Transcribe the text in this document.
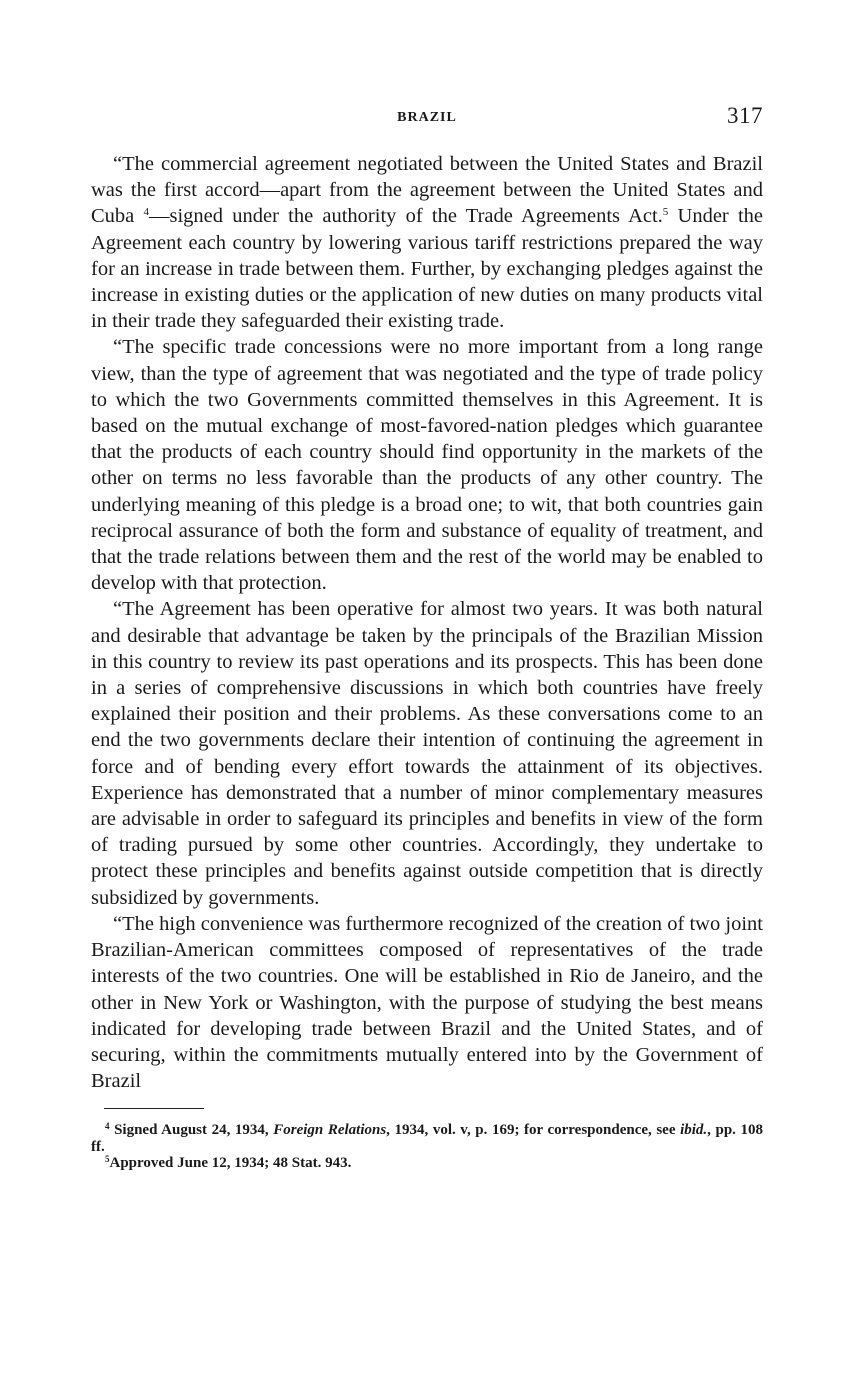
BRAZIL	317

“The commercial agreement negotiated between the United States and Brazil was the first accord—apart from the agreement between the United States and Cuba $^4$—signed under the authority of the Trade Agreements Act.$^5$ Under the Agreement each country by lowering various tariff restrictions prepared the way for an increase in trade between them. Further, by exchanging pledges against the increase in existing duties or the application of new duties on many products vital in their trade they safeguarded their existing trade.

“The specific trade concessions were no more important from a long range view, than the type of agreement that was negotiated and the type of trade policy to which the two Governments committed themselves in this Agreement. It is based on the mutual exchange of most-favored-nation pledges which guarantee that the products of each country should find opportunity in the markets of the other on terms no less favorable than the products of any other country. The underlying meaning of this pledge is a broad one; to wit, that both countries gain reciprocal assurance of both the form and substance of equality of treatment, and that the trade relations between them and the rest of the world may be enabled to develop with that protection.

“The Agreement has been operative for almost two years. It was both natural and desirable that advantage be taken by the principals of the Brazilian Mission in this country to review its past operations and its prospects. This has been done in a series of comprehensive discussions in which both countries have freely explained their position and their problems. As these conversations come to an end the two governments declare their intention of continuing the agreement in force and of bending every effort towards the attainment of its objectives. Experience has demonstrated that a number of minor complementary measures are advisable in order to safeguard its principles and benefits in view of the form of trading pursued by some other countries. Accordingly, they undertake to protect these principles and benefits against outside competition that is directly subsidized by governments.

“The high convenience was furthermore recognized of the creation of two joint Brazilian-American committees composed of representatives of the trade interests of the two countries. One will be established in Rio de Janeiro, and the other in New York or Washington, with the purpose of studying the best means indicated for developing trade between Brazil and the United States, and of securing, within the commitments mutually entered into by the Government of Brazil

$^4$ Signed August 24, 1934, Foreign Relations, 1934, vol. v, p. 169; for correspondence, see ibid., pp. 108 ff.

$^5$Approved June 12, 1934; 48 Stat. 943.
